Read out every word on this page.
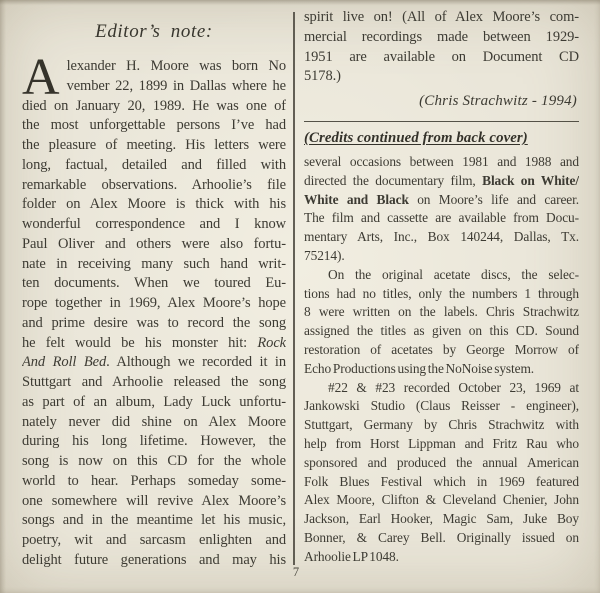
Editor’s note:
A lexander H. Moore was born No
vember 22, 1899 in Dallas where he
died on January 20, 1989. He was one of
the most unforgettable persons I’ve had
the pleasure of meeting. His letters were
long, factual, detailed and filled with
remarkable observations. Arhoolie’s file
folder on Alex Moore is thick with his
wonderful correspondence and I know
Paul Oliver and others were also fortu-
nate in receiving many such hand writ-
ten documents. When we toured Eu-
rope together in 1969, Alex Moore’s hope
and prime desire was to record the song
he felt would be his monster hit: Rock
And Roll Bed. Although we recorded it in
Stuttgart and Arhoolie released the song
as part of an album, Lady Luck unfortu-
nately never did shine on Alex Moore
during his long lifetime. However, the
song is now on this CD for the whole
world to hear. Perhaps someday some-
one somewhere will revive Alex Moore’s
songs and in the meantime let his music,
poetry, wit and sarcasm enlighten and
delight future generations and may his
spirit live on! (All of Alex Moore’s com-
mercial recordings made between 1929-
1951 are available on Document CD
5178.)
(Chris Strachwitz - 1994)
(Credits continued from back cover)
several occasions between 1981 and 1988 and
directed the documentary film, Black on White/
White and Black on Moore’s life and career.
The film and cassette are available from Docu-
mentary Arts, Inc., Box 140244, Dallas, Tx.
75214).
On the original acetate discs, the selec-
tions had no titles, only the numbers 1 through
8 were written on the labels. Chris Strachwitz
assigned the titles as given on this CD. Sound
restoration of acetates by George Morrow of
Echo Productions using the NoNoise system.
#22 & #23 recorded October 23, 1969 at
Jankowski Studio (Claus Reisser - engineer),
Stuttgart, Germany by Chris Strachwitz with
help from Horst Lippman and Fritz Rau who
sponsored and produced the annual American
Folk Blues Festival which in 1969 featured
Alex Moore, Clifton & Cleveland Chenier, John
Jackson, Earl Hooker, Magic Sam, Juke Boy
Bonner, & Carey Bell. Originally issued on
Arhoolie LP 1048.
7
